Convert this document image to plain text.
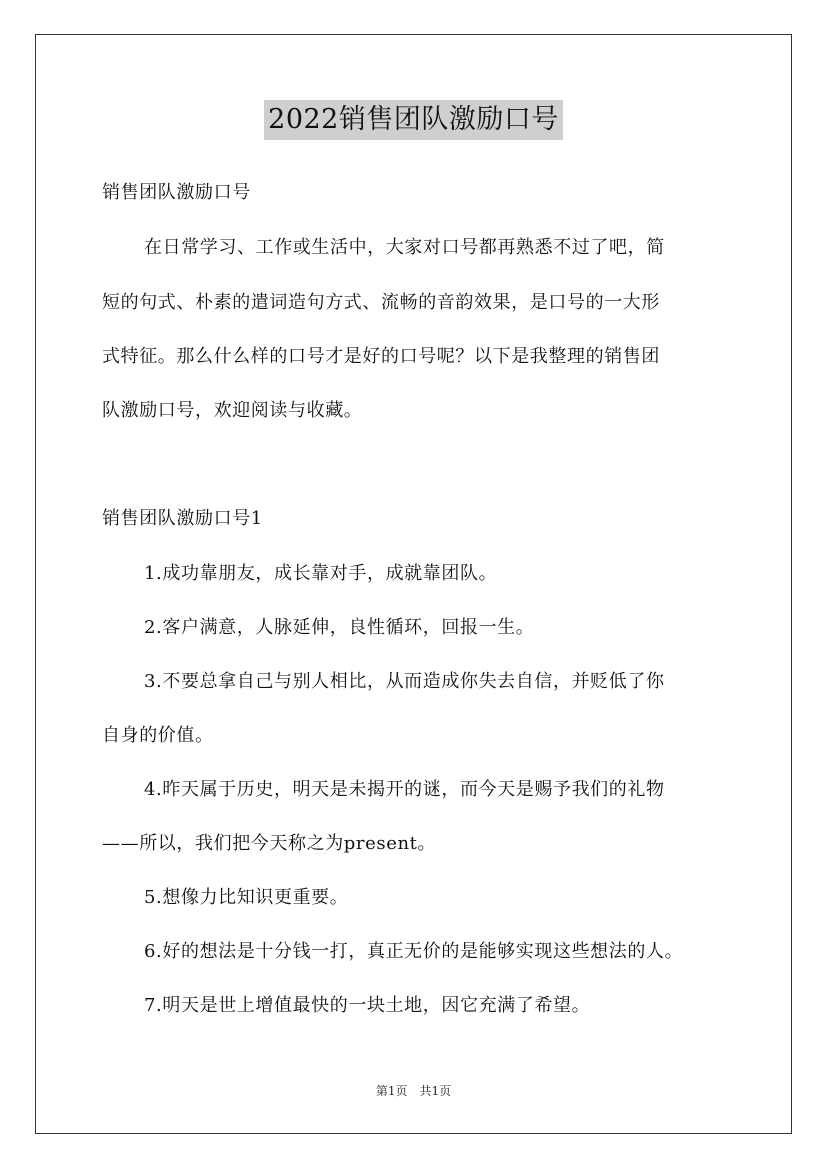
2022销售团队激励口号
销售团队激励口号
在日常学习、工作或生活中，大家对口号都再熟悉不过了吧，简
短的句式、朴素的遣词造句方式、流畅的音韵效果，是口号的一大形
式特征。那么什么样的口号才是好的口号呢？以下是我整理的销售团
队激励口号，欢迎阅读与收藏。
销售团队激励口号1
1.成功靠朋友，成长靠对手，成就靠团队。
2.客户满意，人脉延伸，良性循环，回报一生。
3.不要总拿自己与别人相比，从而造成你失去自信，并贬低了你
自身的价值。
4.昨天属于历史，明天是未揭开的谜，而今天是赐予我们的礼物
——所以，我们把今天称之为present。
5.想像力比知识更重要。
6.好的想法是十分钱一打，真正无价的是能够实现这些想法的人。
7.明天是世上增值最快的一块土地，因它充满了希望。
第1页　共1页
